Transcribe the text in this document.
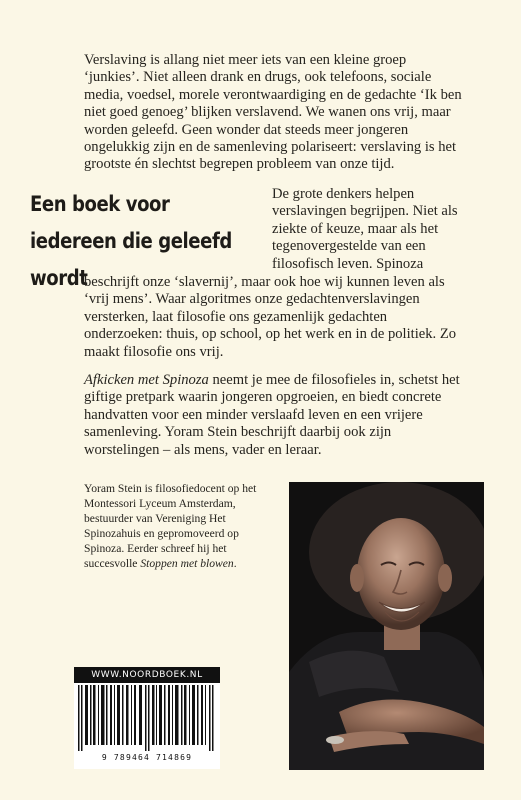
Verslaving is allang niet meer iets van een kleine groep ‘junkies’. Niet alleen drank en drugs, ook telefoons, sociale media, voedsel, morele verontwaardiging en de gedachte ‘Ik ben niet goed genoeg’ blijken verslavend. We wanen ons vrij, maar worden geleefd. Geen wonder dat steeds meer jongeren ongelukkig zijn en de samenleving polariseert: verslaving is het grootste én slechtst begrepen probleem van onze tijd.

Een boek voor iedereen die geleefd wordt

De grote denkers helpen verslavingen begrijpen. Niet als ziekte of keuze, maar als het tegenovergestelde van een filosofisch leven. Spinoza

beschrijft onze ‘slavernij’, maar ook hoe wij kunnen leven als ‘vrij mens’. Waar algoritmes onze gedachtenverslavingen versterken, laat filosofie ons gezamenlijk gedachten onderzoeken: thuis, op school, op het werk en in de politiek. Zo maakt filosofie ons vrij.

Afkicken met Spinoza neemt je mee de filosofieles in, schetst het giftige pretpark waarin jongeren opgroeien, en biedt concrete handvatten voor een minder verslaafd leven en een vrijere samenleving. Yoram Stein beschrijft daarbij ook zijn worstelingen – als mens, vader en leraar.

Yoram Stein is filosofiedocent op het Montessori Lyceum Amsterdam, bestuurder van Vereniging Het Spinozahuis en gepromoveerd op Spinoza. Eerder schreef hij het succesvolle Stoppen met blowen.

WWW.NOORDBOEK.NL
9 789464 714869
